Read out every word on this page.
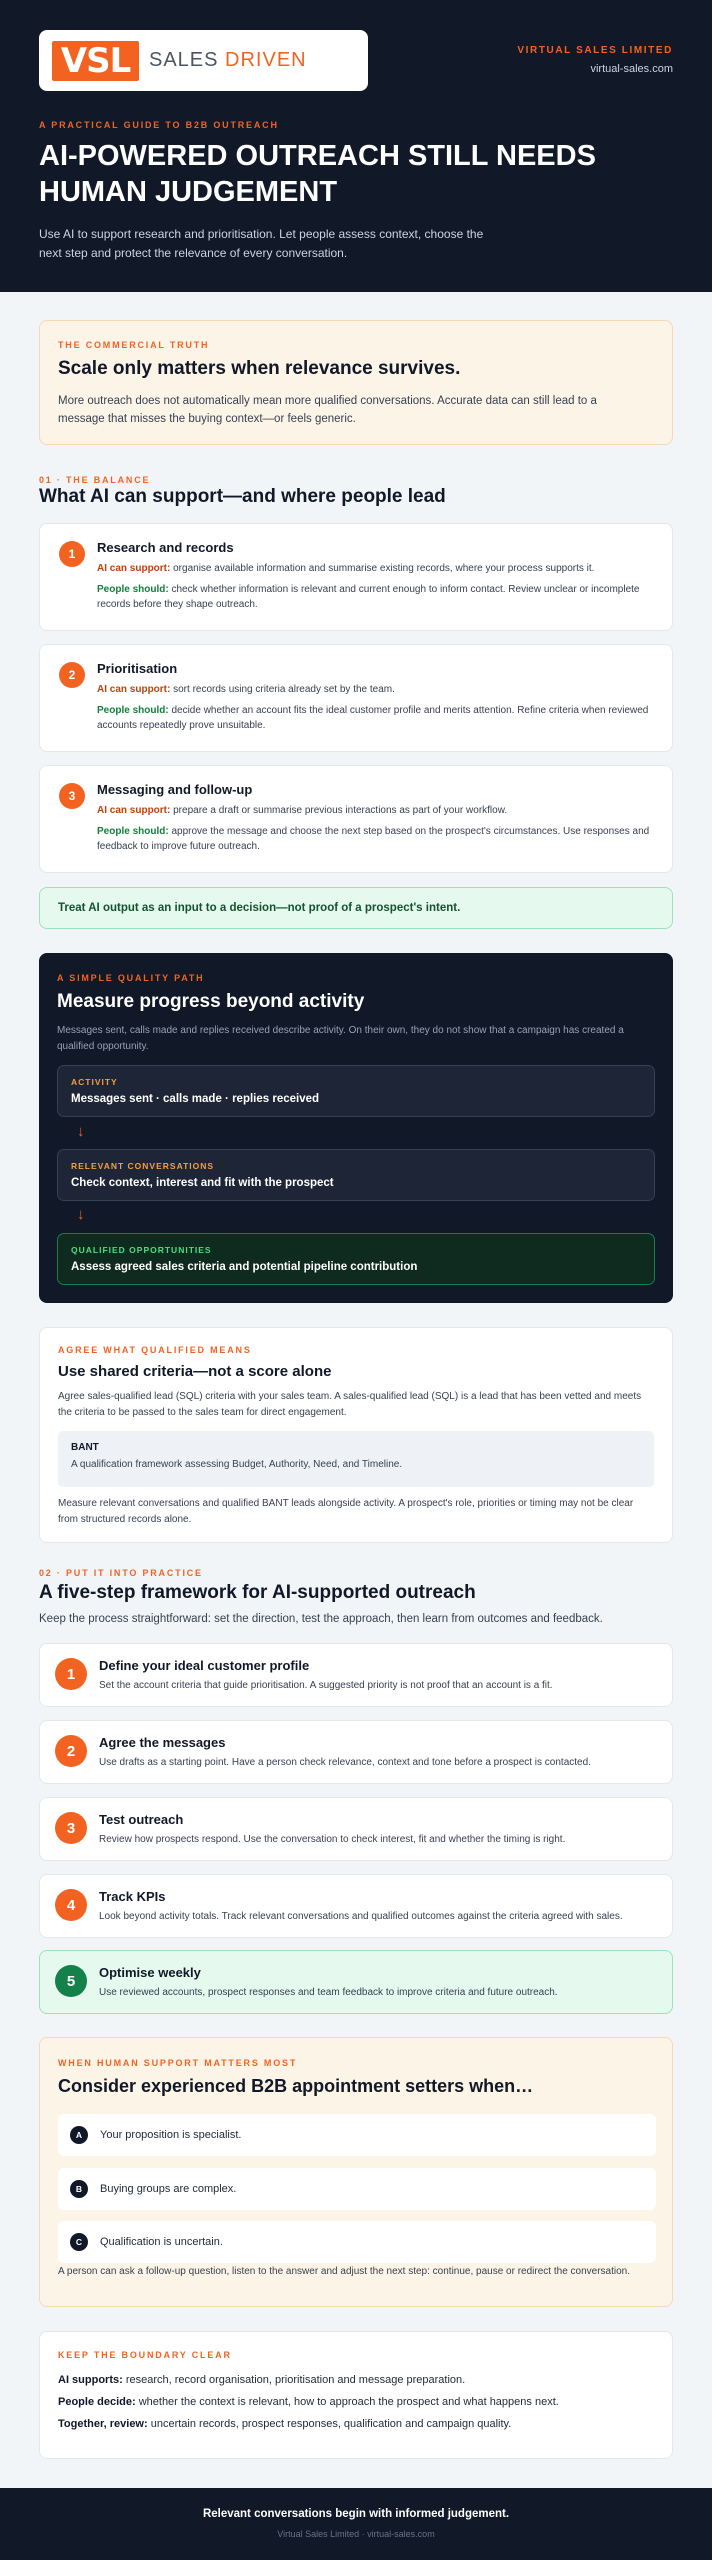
VSL SALES DRIVEN	VIRTUAL SALES LIMITED
virtual-sales.com
A PRACTICAL GUIDE TO B2B OUTREACH
AI-POWERED OUTREACH STILL NEEDS HUMAN JUDGEMENT
Use AI to support research and prioritisation. Let people assess context, choose the next step and protect the relevance of every conversation.
THE COMMERCIAL TRUTH
Scale only matters when relevance survives.

More outreach does not automatically mean more qualified conversations. Accurate data can still lead to a message that misses the buying context—or feels generic.

01 · THE BALANCE
What AI can support—and where people lead
1	Research and records
AI can support: organise available information and summarise existing records, where your process supports it.
People should: check whether information is relevant and current enough to inform contact. Review unclear or incomplete records before they shape outreach.
2	Prioritisation
AI can support: sort records using criteria already set by the team.
People should: decide whether an account fits the ideal customer profile and merits attention. Refine criteria when reviewed accounts repeatedly prove unsuitable.
3	Messaging and follow-up
AI can support: prepare a draft or summarise previous interactions as part of your workflow.
People should: approve the message and choose the next step based on the prospect's circumstances. Use responses and feedback to improve future outreach.
Treat AI output as an input to a decision—not proof of a prospect's intent.
A SIMPLE QUALITY PATH
Measure progress beyond activity

Messages sent, calls made and replies received describe activity. On their own, they do not show that a campaign has created a qualified opportunity.

ACTIVITY
Messages sent · calls made · replies received
↓
RELEVANT CONVERSATIONS
Check context, interest and fit with the prospect
↓
QUALIFIED OPPORTUNITIES
Assess agreed sales criteria and potential pipeline contribution
AGREE WHAT QUALIFIED MEANS
Use shared criteria—not a score alone

Agree sales-qualified lead (SQL) criteria with your sales team. A sales-qualified lead (SQL) is a lead that has been vetted and meets the criteria to be passed to the sales team for direct engagement.

BANT
A qualification framework assessing Budget, Authority, Need, and Timeline.

Measure relevant conversations and qualified BANT leads alongside activity. A prospect's role, priorities or timing may not be clear from structured records alone.

02 · PUT IT INTO PRACTICE
A five-step framework for AI-supported outreach
Keep the process straightforward: set the direction, test the approach, then learn from outcomes and feedback.
1	Define your ideal customer profile
Set the account criteria that guide prioritisation. A suggested priority is not proof that an account is a fit.
2	Agree the messages
Use drafts as a starting point. Have a person check relevance, context and tone before a prospect is contacted.
3	Test outreach
Review how prospects respond. Use the conversation to check interest, fit and whether the timing is right.
4	Track KPIs
Look beyond activity totals. Track relevant conversations and qualified outcomes against the criteria agreed with sales.
5	Optimise weekly
Use reviewed accounts, prospect responses and team feedback to improve criteria and future outreach.
WHEN HUMAN SUPPORT MATTERS MOST
Consider experienced B2B appointment setters when…
A	Your proposition is specialist.
B	Buying groups are complex.
C	Qualification is uncertain.
A person can ask a follow-up question, listen to the answer and adjust the next step: continue, pause or redirect the conversation.
KEEP THE BOUNDARY CLEAR
AI supports: research, record organisation, prioritisation and message preparation.
People decide: whether the context is relevant, how to approach the prospect and what happens next.
Together, review: uncertain records, prospect responses, qualification and campaign quality.
Relevant conversations begin with informed judgement.
Virtual Sales Limited · virtual-sales.com
